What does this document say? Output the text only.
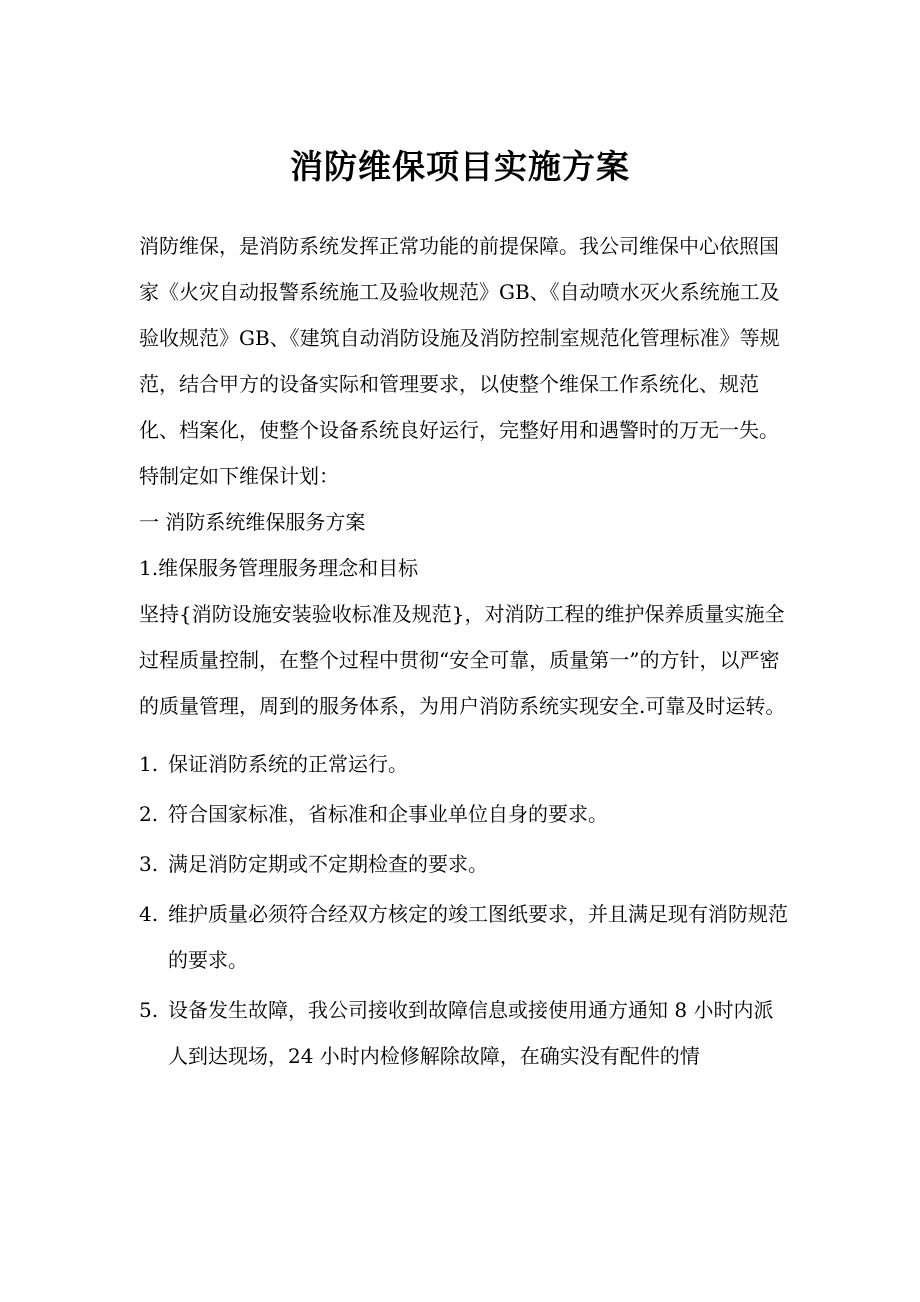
消防维保项目实施方案

消防维保，是消防系统发挥正常功能的前提保障。我公司维保中心依照国家《火灾自动报警系统施工及验收规范》GB、《自动喷水灭火系统施工及验收规范》GB、《建筑自动消防设施及消防控制室规范化管理标准》等规范，结合甲方的设备实际和管理要求，以使整个维保工作系统化、规范化、档案化，使整个设备系统良好运行，完整好用和遇警时的万无一失。特制定如下维保计划：

一 消防系统维保服务方案

1.维保服务管理服务理念和目标

坚持{消防设施安装验收标准及规范}，对消防工程的维护保养质量实施全过程质量控制，在整个过程中贯彻“安全可靠，质量第一”的方针，以严密的质量管理，周到的服务体系，为用户消防系统实现安全.可靠及时运转。

1. 保证消防系统的正常运行。
2. 符合国家标准，省标准和企事业单位自身的要求。
3. 满足消防定期或不定期检查的要求。
4. 维护质量必须符合经双方核定的竣工图纸要求，并且满足现有消防规范的要求。
5. 设备发生故障，我公司接收到故障信息或接使用通方通知 8 小时内派人到达现场，24 小时内检修解除故障，在确实没有配件的情
